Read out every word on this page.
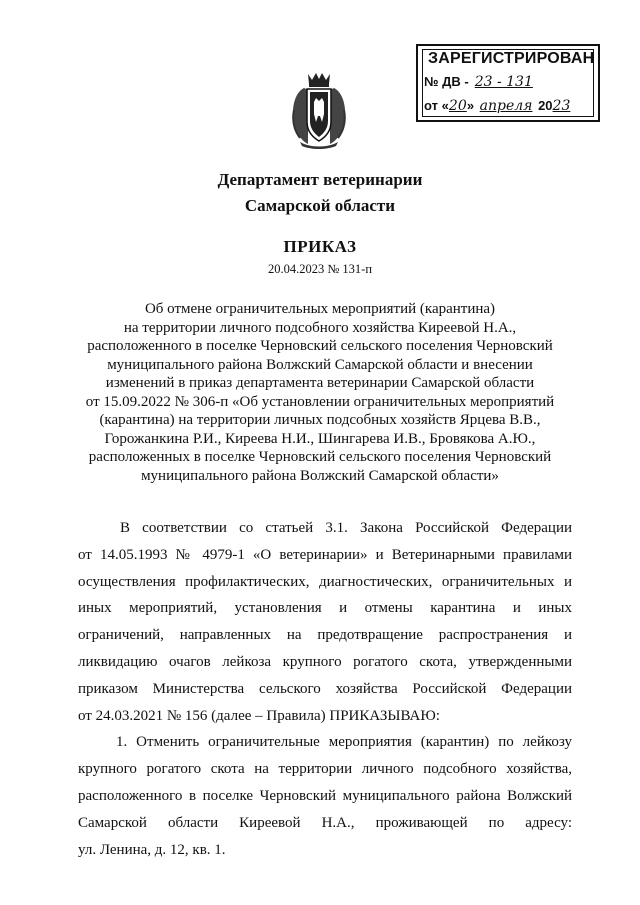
ЗАРЕГИСТРИРОВАН
№ ДВ - 23 - 131
от «20» апреля 2023
Департамент ветеринарии
Самарской области
ПРИКАЗ
20.04.2023 № 131-п
Об отмене ограничительных мероприятий (карантина)
на территории личного подсобного хозяйства Киреевой Н.А.,
расположенного в поселке Черновский сельского поселения Черновский
муниципального района Волжский Самарской области и внесении
изменений в приказ департамента ветеринарии Самарской области
от 15.09.2022 № 306-п «Об установлении ограничительных мероприятий
(карантина) на территории личных подсобных хозяйств Ярцева В.В.,
Горожанкина Р.И., Киреева Н.И., Шингарева И.В., Бровякова А.Ю.,
расположенных в поселке Черновский сельского поселения Черновский
муниципального района Волжский Самарской области»
В соответствии со статьей 3.1. Закона Российской Федерации
от 14.05.1993 № 4979-1 «О ветеринарии» и Ветеринарными правилами
осуществления профилактических, диагностических, ограничительных и
иных мероприятий, установления и отмены карантина и иных
ограничений, направленных на предотвращение распространения и
ликвидацию очагов лейкоза крупного рогатого скота, утвержденными
приказом Министерства сельского хозяйства Российской Федерации
от 24.03.2021 № 156 (далее – Правила) ПРИКАЗЫВАЮ:
1. Отменить ограничительные мероприятия (карантин) по лейкозу
крупного рогатого скота на территории личного подсобного хозяйства,
расположенного в поселке Черновский муниципального района Волжский
Самарской области Киреевой Н.А., проживающей по адресу:
ул. Ленина, д. 12, кв. 1.
